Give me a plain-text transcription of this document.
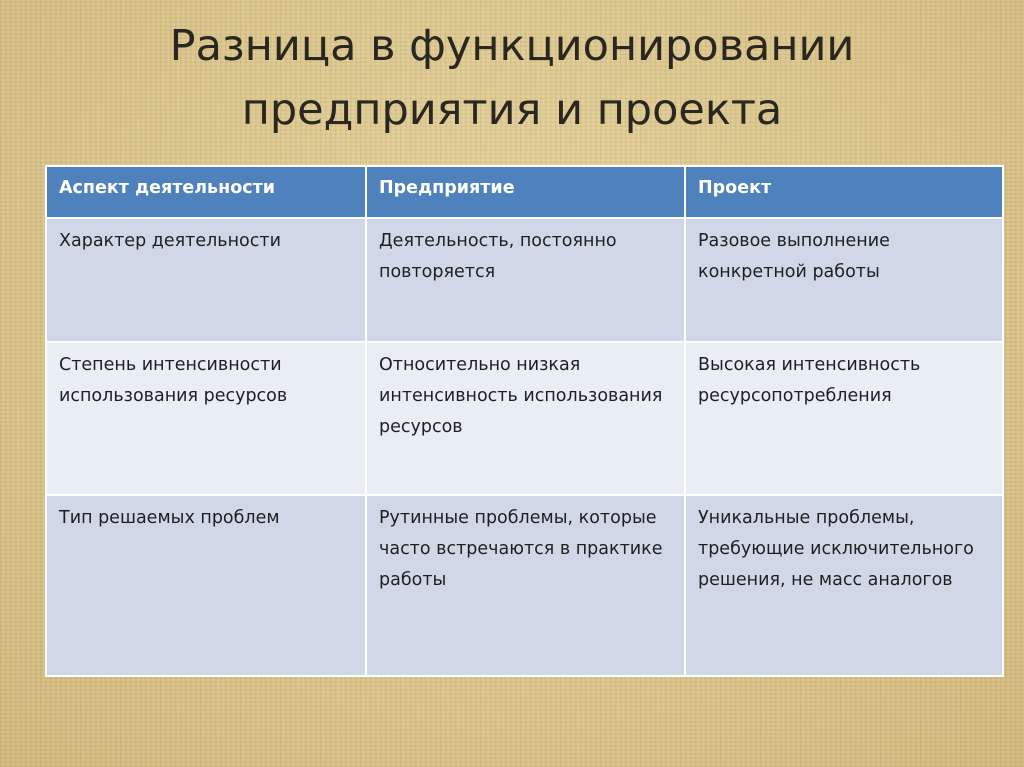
Разница в функционировании
предприятия и проекта
Аспект деятельности	Предприятие	Проект
Характер деятельности	Деятельность, постоянно повторяется	Разовое выполнение конкретной работы
Степень интенсивности использования ресурсов	Относительно низкая интенсивность использования ресурсов	Высокая интенсивность ресурсопотребления
Тип решаемых проблем	Рутинные проблемы, которые часто встречаются в практике работы	Уникальные проблемы, требующие исключительного решения, не масс аналогов
